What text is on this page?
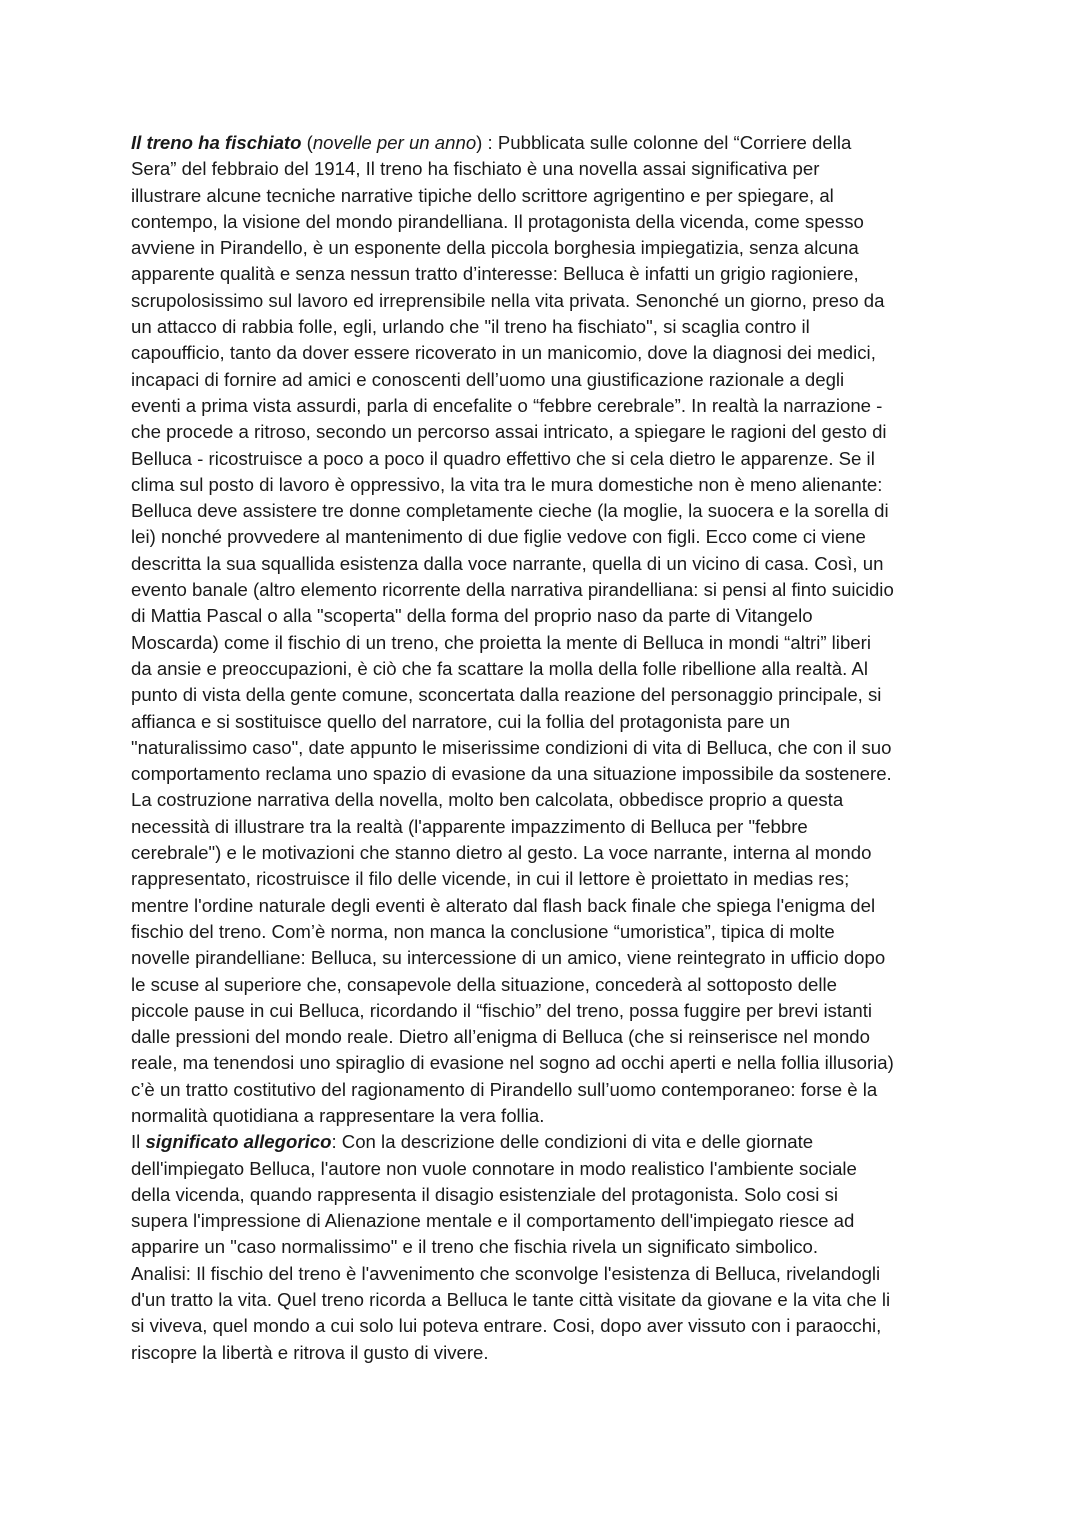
Il treno ha fischiato (novelle per un anno) : Pubblicata sulle colonne del “Corriere della
Sera” del febbraio del 1914, Il treno ha fischiato è una novella assai significativa per
illustrare alcune tecniche narrative tipiche dello scrittore agrigentino e per spiegare, al
contempo, la visione del mondo pirandelliana. Il protagonista della vicenda, come spesso
avviene in Pirandello, è un esponente della piccola borghesia impiegatizia, senza alcuna
apparente qualità e senza nessun tratto d’interesse: Belluca è infatti un grigio ragioniere,
scrupolosissimo sul lavoro ed irreprensibile nella vita privata. Senonché un giorno, preso da
un attacco di rabbia folle, egli, urlando che "il treno ha fischiato", si scaglia contro il
capoufficio, tanto da dover essere ricoverato in un manicomio, dove la diagnosi dei medici,
incapaci di fornire ad amici e conoscenti dell’uomo una giustificazione razionale a degli
eventi a prima vista assurdi, parla di encefalite o “febbre cerebrale”. In realtà la narrazione -
che procede a ritroso, secondo un percorso assai intricato, a spiegare le ragioni del gesto di
Belluca - ricostruisce a poco a poco il quadro effettivo che si cela dietro le apparenze. Se il
clima sul posto di lavoro è oppressivo, la vita tra le mura domestiche non è meno alienante:
Belluca deve assistere tre donne completamente cieche (la moglie, la suocera e la sorella di
lei) nonché provvedere al mantenimento di due figlie vedove con figli. Ecco come ci viene
descritta la sua squallida esistenza dalla voce narrante, quella di un vicino di casa. Così, un
evento banale (altro elemento ricorrente della narrativa pirandelliana: si pensi al finto suicidio
di Mattia Pascal o alla "scoperta" della forma del proprio naso da parte di Vitangelo
Moscarda) come il fischio di un treno, che proietta la mente di Belluca in mondi “altri” liberi
da ansie e preoccupazioni, è ciò che fa scattare la molla della folle ribellione alla realtà. Al
punto di vista della gente comune, sconcertata dalla reazione del personaggio principale, si
affianca e si sostituisce quello del narratore, cui la follia del protagonista pare un
"naturalissimo caso", date appunto le miserissime condizioni di vita di Belluca, che con il suo
comportamento reclama uno spazio di evasione da una situazione impossibile da sostenere.
La costruzione narrativa della novella, molto ben calcolata, obbedisce proprio a questa
necessità di illustrare tra la realtà (l'apparente impazzimento di Belluca per "febbre
cerebrale") e le motivazioni che stanno dietro al gesto. La voce narrante, interna al mondo
rappresentato, ricostruisce il filo delle vicende, in cui il lettore è proiettato in medias res;
mentre l'ordine naturale degli eventi è alterato dal flash back finale che spiega l'enigma del
fischio del treno. Com’è norma, non manca la conclusione “umoristica”, tipica di molte
novelle pirandelliane: Belluca, su intercessione di un amico, viene reintegrato in ufficio dopo
le scuse al superiore che, consapevole della situazione, concederà al sottoposto delle
piccole pause in cui Belluca, ricordando il “fischio” del treno, possa fuggire per brevi istanti
dalle pressioni del mondo reale. Dietro all’enigma di Belluca (che si reinserisce nel mondo
reale, ma tenendosi uno spiraglio di evasione nel sogno ad occhi aperti e nella follia illusoria)
c’è un tratto costitutivo del ragionamento di Pirandello sull’uomo contemporaneo: forse è la
normalità quotidiana a rappresentare la vera follia.
Il significato allegorico: Con la descrizione delle condizioni di vita e delle giornate
dell'impiegato Belluca, l'autore non vuole connotare in modo realistico l'ambiente sociale
della vicenda, quando rappresenta il disagio esistenziale del protagonista. Solo cosi si
supera l'impressione di Alienazione mentale e il comportamento dell'impiegato riesce ad
apparire un "caso normalissimo" e il treno che fischia rivela un significato simbolico.
Analisi: Il fischio del treno è l'avvenimento che sconvolge l'esistenza di Belluca, rivelandogli
d'un tratto la vita. Quel treno ricorda a Belluca le tante città visitate da giovane e la vita che li
si viveva, quel mondo a cui solo lui poteva entrare. Cosi, dopo aver vissuto con i paraocchi,
riscopre la libertà e ritrova il gusto di vivere.
